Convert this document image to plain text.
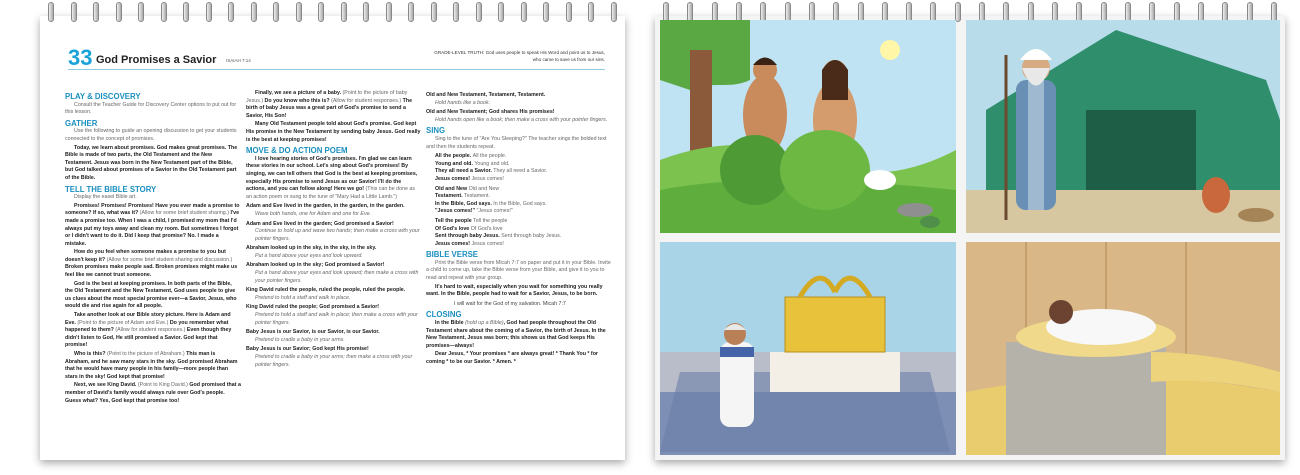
33 God Promises a Savior ISAIAH 7:14
GRADE-LEVEL TRUTH: God uses people to speak His Word and point us to Jesus, who came to save us from our sins.
PLAY & DISCOVERY
Consult the Teacher Guide for Discovery Center options to put out for this lesson.
GATHER
Use the following to guide an opening discussion to get your students connected to the concept of promises.
Today, we learn about promises. God makes great promises. The Bible is made of two parts, the Old Testament and the New Testament. Jesus was born in the New Testament part of the Bible, but God talked about promises of a Savior in the Old Testament part of the Bible.
TELL THE BIBLE STORY
Display the easel Bible art.
Promises! Promises! Promises! Have you ever made a promise to someone? If so, what was it? (Allow for some brief student sharing.) I've made a promise too. When I was a child, I promised my mom that I'd always put my toys away and clean my room. But sometimes I forgot or I didn't want to do it. Did I keep that promise? No. I made a mistake.
How do you feel when someone makes a promise to you but doesn't keep it? (Allow for some brief student sharing and discussion.) Broken promises make people sad. Broken promises might make us feel like we cannot trust someone.
God is the best at keeping promises. In both parts of the Bible, the Old Testament and the New Testament, God uses people to give us clues about the most special promise ever—a Savior, Jesus, who would die and rise again for all people.
Take another look at our Bible story picture. Here is Adam and Eve. (Point to the picture of Adam and Eve.) Do you remember what happened to them? (Allow for student responses.) Even though they didn't listen to God, He still promised a Savior. God kept that promise!
Who is this? (Point to the picture of Abraham.) This man is Abraham, and he saw many stars in the sky. God promised Abraham that he would have many people in his family—more people than stars in the sky! God kept that promise!
Next, we see King David. (Point to King David.) God promised that a member of David's family would always rule over God's people. Guess what? Yes, God kept that promise too!
Finally, we see a picture of a baby. (Point to the picture of baby Jesus.) Do you know who this is? (Allow for student responses.) The birth of baby Jesus was a great part of God's promise to send a Savior, His Son!
Many Old Testament people told about God's promise. God kept His promise in the New Testament by sending baby Jesus. God really is the best at keeping promises!
MOVE & DO ACTION POEM
I love hearing stories of God's promises. I'm glad we can learn these stories in our school. Let's sing about God's promises! By singing, we can tell others that God is the best at keeping promises, especially His promise to send Jesus as our Savior! I'll do the actions, and you can follow along! Here we go! (This can be done as an action poem or sung to the tune of "Mary Had a Little Lamb.")
Adam and Eve lived in the garden, in the garden, in the garden.
Wave both hands, one for Adam and one for Eve.
Adam and Eve lived in the garden; God promised a Savior!
Continue to hold up and wave two hands; then make a cross with your pointer fingers.
Abraham looked up in the sky, in the sky, in the sky.
Put a hand above your eyes and look upward.
Abraham looked up in the sky; God promised a Savior!
Put a hand above your eyes and look upward; then make a cross with your pointer fingers.
King David ruled the people, ruled the people, ruled the people.
Pretend to hold a staff and walk in place.
King David ruled the people; God promised a Savior!
Pretend to hold a staff and walk in place; then make a cross with your pointer fingers.
Baby Jesus is our Savior, is our Savior, is our Savior.
Pretend to cradle a baby in your arms.
Baby Jesus is our Savior; God kept His promise!
Pretend to cradle a baby in your arms; then make a cross with your pointer fingers.
Old and New Testament, Testament, Testament.
Hold hands like a book.
Old and New Testament; God shares His promises!
Hold hands open like a book; then make a cross with your pointer fingers.
SING
Sing to the tune of "Are You Sleeping?" The teacher sings the bolded text and then the students repeat.
All the people. All the people.
Young and old. Young and old.
They all need a Savior. They all need a Savior.
Jesus comes! Jesus comes!
Old and New Old and New
Testament. Testament.
In the Bible, God says. In the Bible, God says.
"Jesus comes!" "Jesus comes!"
Tell the people Tell the people
Of God's love Of God's love
Sent through baby Jesus. Sent through baby Jesus.
Jesus comes! Jesus comes!
BIBLE VERSE
Print the Bible verse from Micah 7:7 on paper and put it in your Bible. Invite a child to come up, take the Bible verse from your Bible, and give it to you to read and repeat with your group.
It's hard to wait, especially when you wait for something you really want. In the Bible, people had to wait for a Savior, Jesus, to be born.
I will wait for the God of my salvation. Micah 7:7
CLOSING
In the Bible (hold up a Bible), God had people throughout the Old Testament share about the coming of a Savior, the birth of Jesus. In the New Testament, Jesus was born; this shows us that God keeps His promises—always!
Dear Jesus, * Your promises * are always great! * Thank You * for coming * to be our Savior. * Amen. *
